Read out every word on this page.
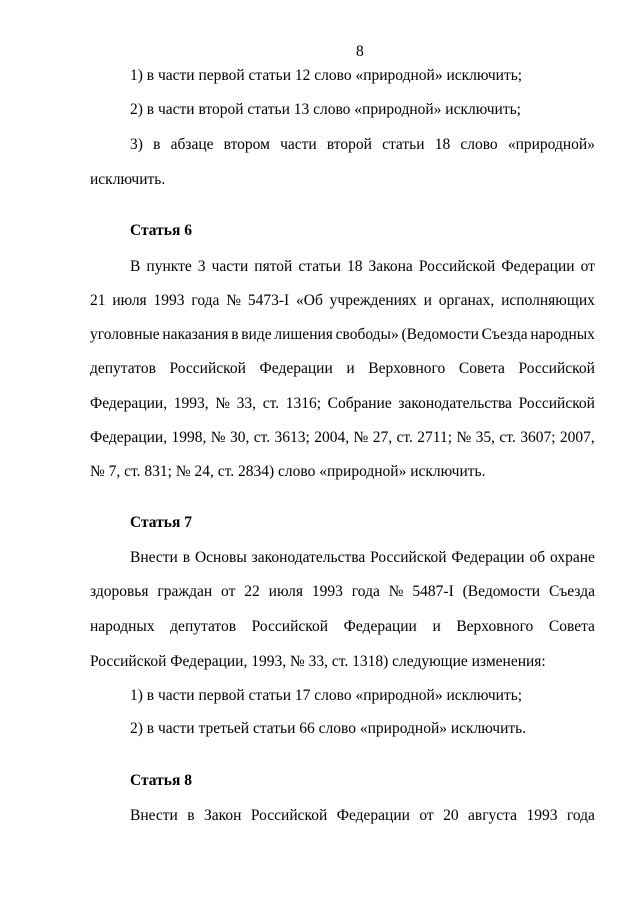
8
1) в части первой статьи 12 слово «природной» исключить;
2) в части второй статьи 13 слово «природной» исключить;
3) в абзаце втором части второй статьи 18 слово «природной»
исключить.
Статья 6
В пункте 3 части пятой статьи 18 Закона Российской Федерации от
21 июля 1993 года № 5473-I «Об учреждениях и органах, исполняющих
уголовные наказания в виде лишения свободы» (Ведомости Съезда народных
депутатов Российской Федерации и Верховного Совета Российской
Федерации, 1993, № 33, ст. 1316; Собрание законодательства Российской
Федерации, 1998, № 30, ст. 3613; 2004, № 27, ст. 2711; № 35, ст. 3607; 2007,
№ 7, ст. 831; № 24, ст. 2834) слово «природной» исключить.
Статья 7
Внести в Основы законодательства Российской Федерации об охране
здоровья граждан от 22 июля 1993 года № 5487-I (Ведомости Съезда
народных депутатов Российской Федерации и Верховного Совета
Российской Федерации, 1993, № 33, ст. 1318) следующие изменения:
1) в части первой статьи 17 слово «природной» исключить;
2) в части третьей статьи 66 слово «природной» исключить.
Статья 8
Внести в Закон Российской Федерации от 20 августа 1993 года
